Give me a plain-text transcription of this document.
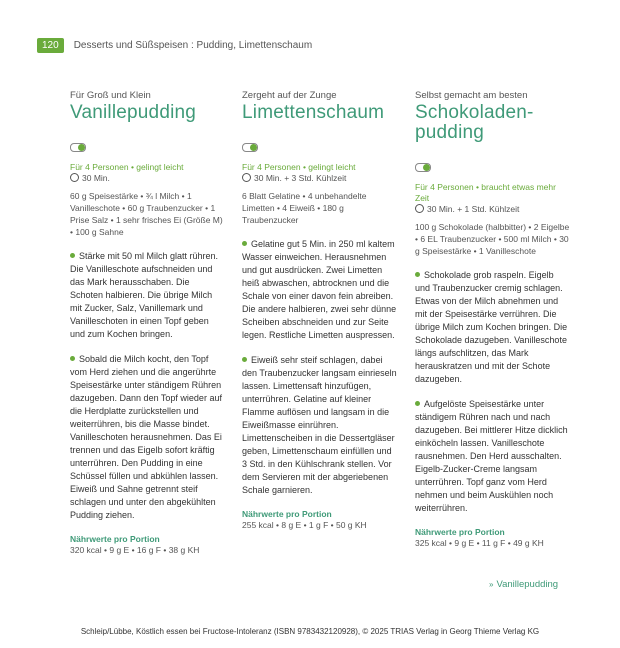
120	Desserts und Süßspeisen : Pudding, Limettenschaum
Für Groß und Klein
Vanillepudding
Für 4 Personen • gelingt leicht
30 Min.
60 g Speisestärke • ¾ l Milch • 1 Vanilleschote • 60 g Traubenzucker • 1 Prise Salz • 1 sehr frisches Ei (Größe M) • 100 g Sahne
Stärke mit 50 ml Milch glatt rühren. Die Vanilleschote aufschneiden und das Mark herausschaben. Die Schoten halbieren. Die übrige Milch mit Zucker, Salz, Vanillemark und Vanilleschoten in einen Topf geben und zum Kochen bringen.
Sobald die Milch kocht, den Topf vom Herd ziehen und die angerührte Speisestärke unter ständigem Rühren dazugeben. Dann den Topf wieder auf die Herdplatte zurückstellen und weiterrühren, bis die Masse bindet. Vanilleschoten herausnehmen. Das Ei trennen und das Eigelb sofort kräftig unterrühren. Den Pudding in eine Schüssel füllen und abkühlen lassen. Eiweiß und Sahne getrennt steif schlagen und unter den abgekühlten Pudding ziehen.
Nährwerte pro Portion
320 kcal • 9 g E • 16 g F • 38 g KH
Zergeht auf der Zunge
Limettenschaum
Für 4 Personen • gelingt leicht
30 Min. + 3 Std. Kühlzeit
6 Blatt Gelatine • 4 unbehandelte Limetten • 4 Eiweiß • 180 g Traubenzucker
Gelatine gut 5 Min. in 250 ml kaltem Wasser einweichen. Herausnehmen und gut ausdrücken. Zwei Limetten heiß abwaschen, abtrocknen und die Schale von einer davon fein abreiben. Die andere halbieren, zwei sehr dünne Scheiben abschneiden und zur Seite legen. Restliche Limetten auspressen.
Eiweiß sehr steif schlagen, dabei den Traubenzucker langsam einrieseln lassen. Limettensaft hinzufügen, unterrühren. Gelatine auf kleiner Flamme auflösen und langsam in die Eiweißmasse einrühren. Limettenscheiben in die Dessertgläser geben, Limettenschaum einfüllen und 3 Std. in den Kühlschrank stellen. Vor dem Servieren mit der abgeriebenen Schale garnieren.
Nährwerte pro Portion
255 kcal • 8 g E • 1 g F • 50 g KH
Selbst gemacht am besten
Schokoladen-pudding
Für 4 Personen • braucht etwas mehr Zeit
30 Min. + 1 Std. Kühlzeit
100 g Schokolade (halbbitter) • 2 Eigelbe • 6 EL Traubenzucker • 500 ml Milch • 30 g Speisestärke • 1 Vanilleschote
Schokolade grob raspeln. Eigelb und Traubenzucker cremig schlagen. Etwas von der Milch abnehmen und mit der Speisestärke verrühren. Die übrige Milch zum Kochen bringen. Die Schokolade dazugeben. Vanilleschote längs aufschlitzen, das Mark herauskratzen und mit der Schote dazugeben.
Aufgelöste Speisestärke unter ständigem Rühren nach und nach dazugeben. Bei mittlerer Hitze dicklich einköcheln lassen. Vanilleschote rausnehmen. Den Herd ausschalten. Eigelb-Zucker-Creme langsam unterrühren. Topf ganz vom Herd nehmen und beim Auskühlen noch weiterrühren.
Nährwerte pro Portion
325 kcal • 9 g E • 11 g F • 49 g KH
» Vanillepudding
Schleip/Lübbe, Köstlich essen bei Fructose-Intoleranz (ISBN 9783432120928), © 2025 TRIAS Verlag in Georg Thieme Verlag KG
